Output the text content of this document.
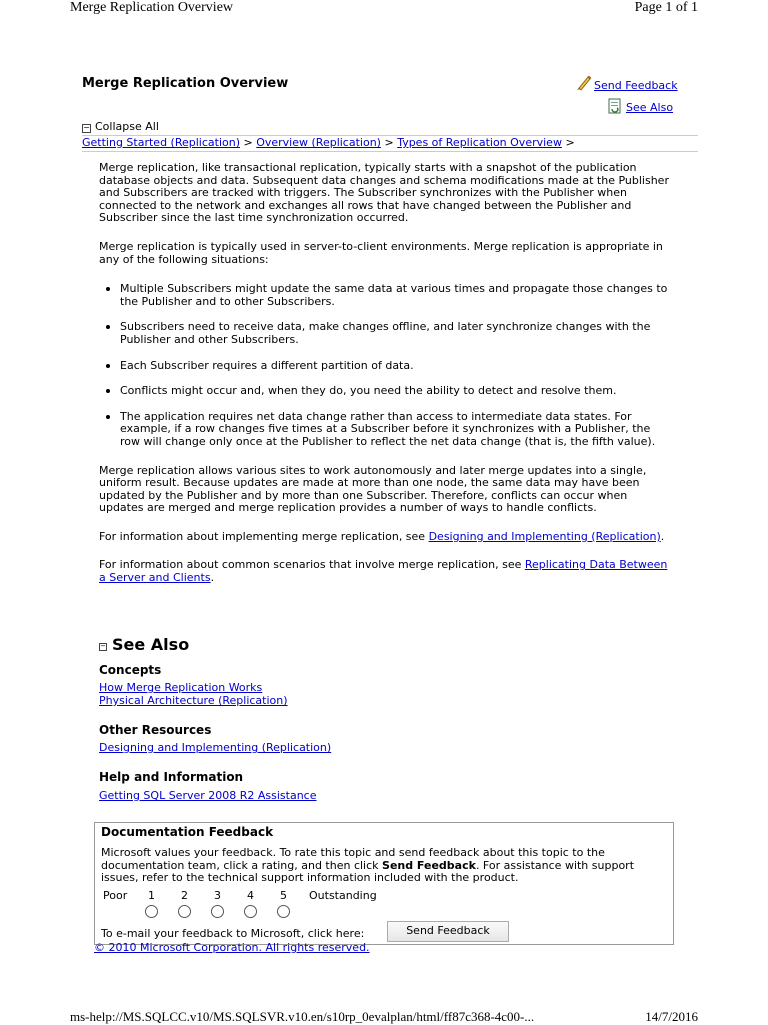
Merge Replication Overview	Page 1 of 1
Merge Replication Overview	Send Feedback
See Also
− Collapse All
Getting Started (Replication) > Overview (Replication) > Types of Replication Overview >

Merge replication, like transactional replication, typically starts with a snapshot of the publication database objects and data. Subsequent data changes and schema modifications made at the Publisher and Subscribers are tracked with triggers. The Subscriber synchronizes with the Publisher when connected to the network and exchanges all rows that have changed between the Publisher and Subscriber since the last time synchronization occurred.

Merge replication is typically used in server-to-client environments. Merge replication is appropriate in any of the following situations:

• Multiple Subscribers might update the same data at various times and propagate those changes to the Publisher and to other Subscribers.
• Subscribers need to receive data, make changes offline, and later synchronize changes with the Publisher and other Subscribers.
• Each Subscriber requires a different partition of data.
• Conflicts might occur and, when they do, you need the ability to detect and resolve them.
• The application requires net data change rather than access to intermediate data states. For example, if a row changes five times at a Subscriber before it synchronizes with a Publisher, the row will change only once at the Publisher to reflect the net data change (that is, the fifth value).

Merge replication allows various sites to work autonomously and later merge updates into a single, uniform result. Because updates are made at more than one node, the same data may have been updated by the Publisher and by more than one Subscriber. Therefore, conflicts can occur when updates are merged and merge replication provides a number of ways to handle conflicts.

For information about implementing merge replication, see Designing and Implementing (Replication).

For information about common scenarios that involve merge replication, see Replicating Data Between a Server and Clients.

− See Also
Concepts
How Merge Replication Works
Physical Architecture (Replication)
Other Resources
Designing and Implementing (Replication)
Help and Information
Getting SQL Server 2008 R2 Assistance
Documentation Feedback
Microsoft values your feedback. To rate this topic and send feedback about this topic to the documentation team, click a rating, and then click Send Feedback. For assistance with support issues, refer to the technical support information included with the product.
Poor 1 2 3 4 5 Outstanding
To e-mail your feedback to Microsoft, click here:	Send Feedback
© 2010 Microsoft Corporation. All rights reserved.
ms-help://MS.SQLCC.v10/MS.SQLSVR.v10.en/s10rp_0evalplan/html/ff87c368-4c00-...	14/7/2016
